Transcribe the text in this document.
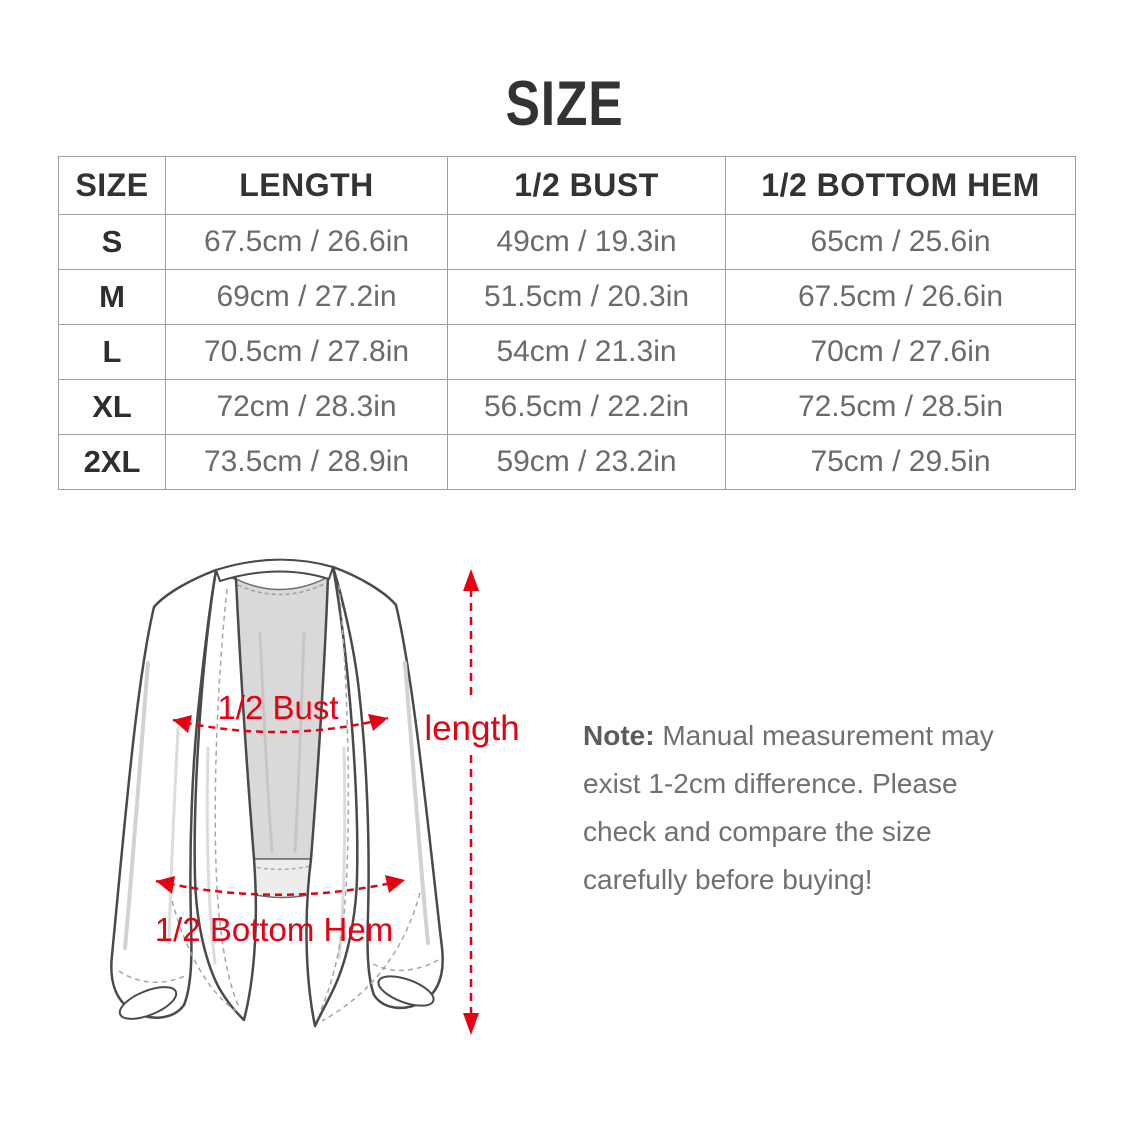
SIZE
SIZE	LENGTH	1/2 BUST	1/2 BOTTOM HEM
S	67.5cm / 26.6in	49cm / 19.3in	65cm / 25.6in
M	69cm / 27.2in	51.5cm / 20.3in	67.5cm / 26.6in
L	70.5cm / 27.8in	54cm / 21.3in	70cm / 27.6in
XL	72cm / 28.3in	56.5cm / 22.2in	72.5cm / 28.5in
2XL	73.5cm / 28.9in	59cm / 23.2in	75cm / 29.5in
1/2 Bust
1/2 Bottom Hem
length Note: Manual measurement may
exist 1-2cm difference. Please
check and compare the size
carefully before buying!
